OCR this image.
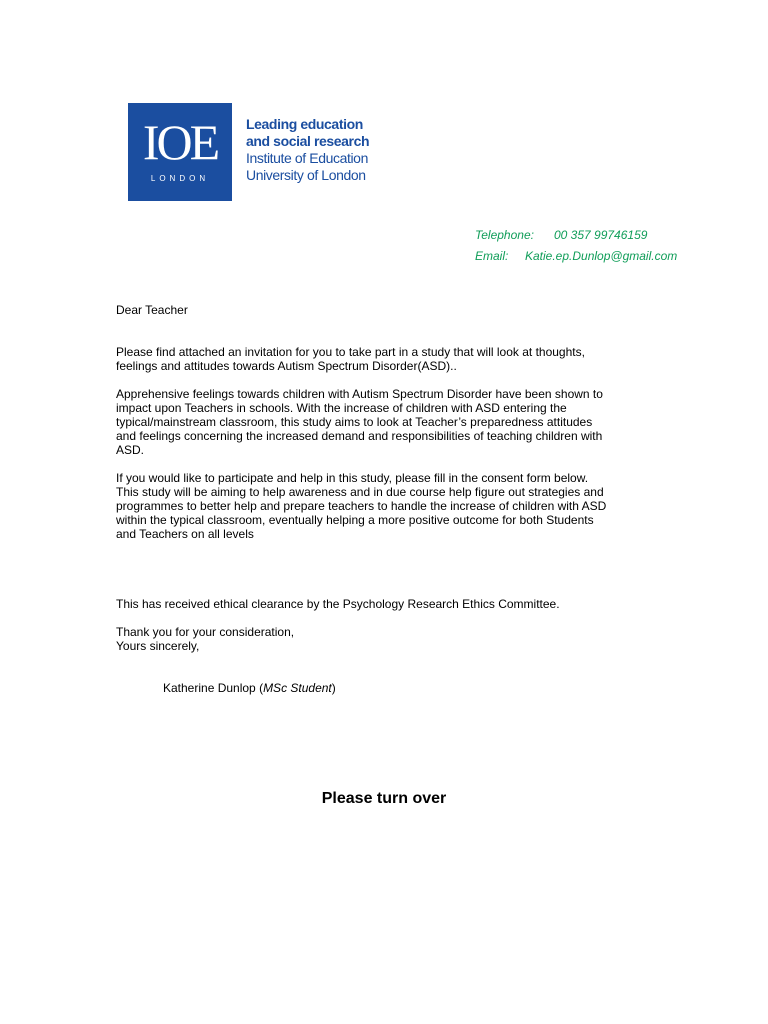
IOE
LONDON
Leading education
and social research
Institute of Education
University of London
Telephone:	00 357 99746159
Email:	Katie.ep.Dunlop@gmail.com

Dear Teacher

Please find attached an invitation for you to take part in a study that will look at thoughts,

feelings and attitudes towards Autism Spectrum Disorder(ASD)..

Apprehensive feelings towards children with Autism Spectrum Disorder have been shown to

impact upon Teachers in schools. With the increase of children with ASD entering the

typical/mainstream classroom, this study aims to look at Teacher’s preparedness attitudes

and feelings concerning the increased demand and responsibilities of teaching children with

ASD.

If you would like to participate and help in this study, please fill in the consent form below.

This study will be aiming to help awareness and in due course help figure out strategies and

programmes to better help and prepare teachers to handle the increase of children with ASD

within the typical classroom, eventually helping a more positive outcome for both Students

and Teachers on all levels

This has received ethical clearance by the Psychology Research Ethics Committee.

Thank you for your consideration,

Yours sincerely,

Katherine Dunlop (MSc Student)
Please turn over
